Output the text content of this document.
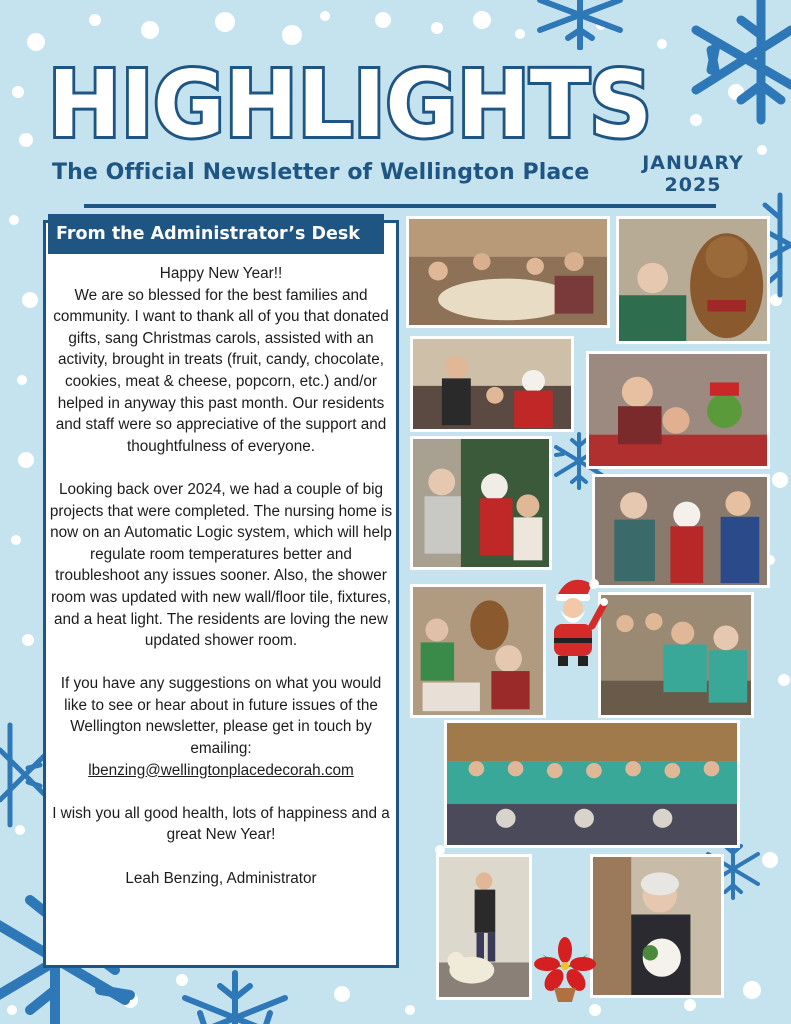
HIGHLIGHTS
The Official Newsletter of Wellington Place	JANUARY
2025
From the Administrator’s Desk
Happy New Year!!

We are so blessed for the best families and community. I want to thank all of you that donated gifts, sang Christmas carols, assisted with an activity, brought in treats (fruit, candy, chocolate, cookies, meat & cheese, popcorn, etc.) and/or helped in anyway this past month. Our residents and staff were so appreciative of the support and thoughtfulness of everyone.

Looking back over 2024, we had a couple of big projects that were completed. The nursing home is now on an Automatic Logic system, which will help regulate room temperatures better and troubleshoot any issues sooner. Also, the shower room was updated with new wall/floor tile, fixtures, and a heat light. The residents are loving the new updated shower room.

If you have any suggestions on what you would like to see or hear about in future issues of the Wellington newsletter, please get in touch by emailing:

lbenzing@wellingtonplacedecorah.com

I wish you all good health, lots of happiness and a great New Year!

Leah Benzing, Administrator
